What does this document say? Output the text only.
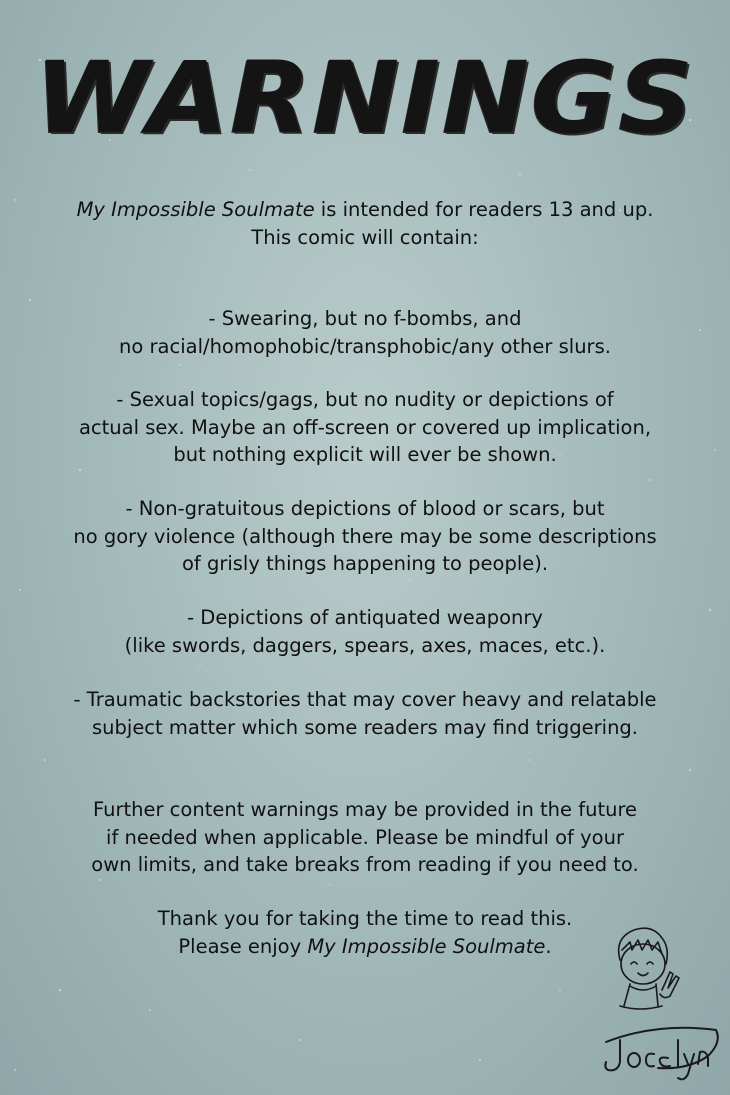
WARNINGS
My Impossible Soulmate is intended for readers 13 and up.
This comic will contain:
- Swearing, but no f-bombs, and
no racial/homophobic/transphobic/any other slurs.
- Sexual topics/gags, but no nudity or depictions of
actual sex. Maybe an off-screen or covered up implication,
but nothing explicit will ever be shown.
- Non-gratuitous depictions of blood or scars, but
no gory violence (although there may be some descriptions
of grisly things happening to people).
- Depictions of antiquated weaponry
(like swords, daggers, spears, axes, maces, etc.).
- Traumatic backstories that may cover heavy and relatable
subject matter which some readers may find triggering.
Further content warnings may be provided in the future
if needed when applicable. Please be mindful of your
own limits, and take breaks from reading if you need to.
Thank you for taking the time to read this.
Please enjoy My Impossible Soulmate.
